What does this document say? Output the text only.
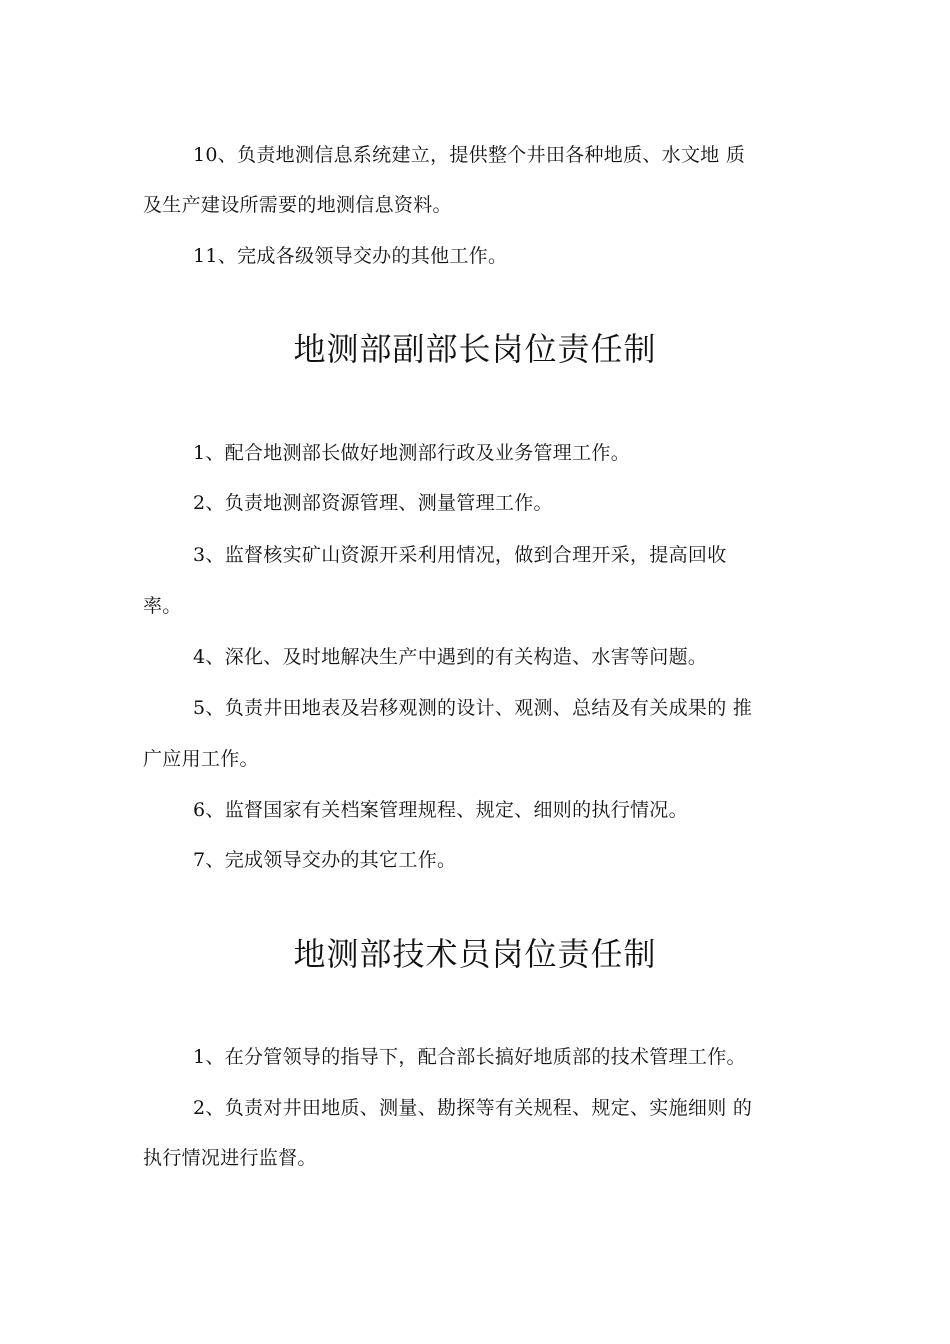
10、负责地测信息系统建立，提供整个井田各种地质、水文地 质
及生产建设所需要的地测信息资料。
11、完成各级领导交办的其他工作。
地测部副部长岗位责任制
1、配合地测部长做好地测部行政及业务管理工作。
2、负责地测部资源管理、测量管理工作。
3、监督核实矿山资源开采利用情况，做到合理开采，提高回收
率。
4、深化、及时地解决生产中遇到的有关构造、水害等问题。
5、负责井田地表及岩移观测的设计、观测、总结及有关成果的 推
广应用工作。
6、监督国家有关档案管理规程、规定、细则的执行情况。
7、完成领导交办的其它工作。
地测部技术员岗位责任制
1、在分管领导的指导下，配合部长搞好地质部的技术管理工作。
2、负责对井田地质、测量、勘探等有关规程、规定、实施细则 的
执行情况进行监督。
